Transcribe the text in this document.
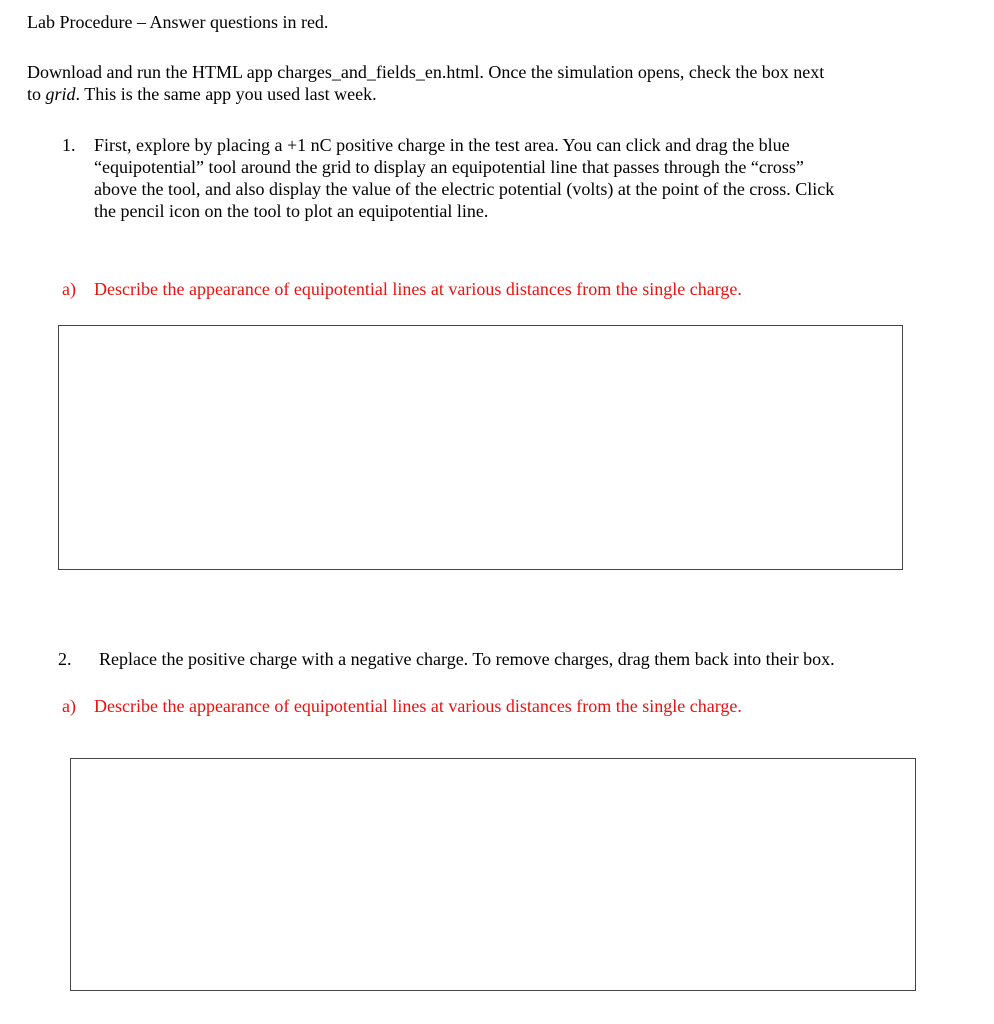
Lab Procedure – Answer questions in red.
Download and run the HTML app charges_and_fields_en.html. Once the simulation opens, check the box next
to grid. This is the same app you used last week.
1. First, explore by placing a +1 nC positive charge in the test area. You can click and drag the blue
“equipotential” tool around the grid to display an equipotential line that passes through the “cross”
above the tool, and also display the value of the electric potential (volts) at the point of the cross. Click
the pencil icon on the tool to plot an equipotential line.
a) Describe the appearance of equipotential lines at various distances from the single charge.
2. Replace the positive charge with a negative charge. To remove charges, drag them back into their box.
a) Describe the appearance of equipotential lines at various distances from the single charge.
